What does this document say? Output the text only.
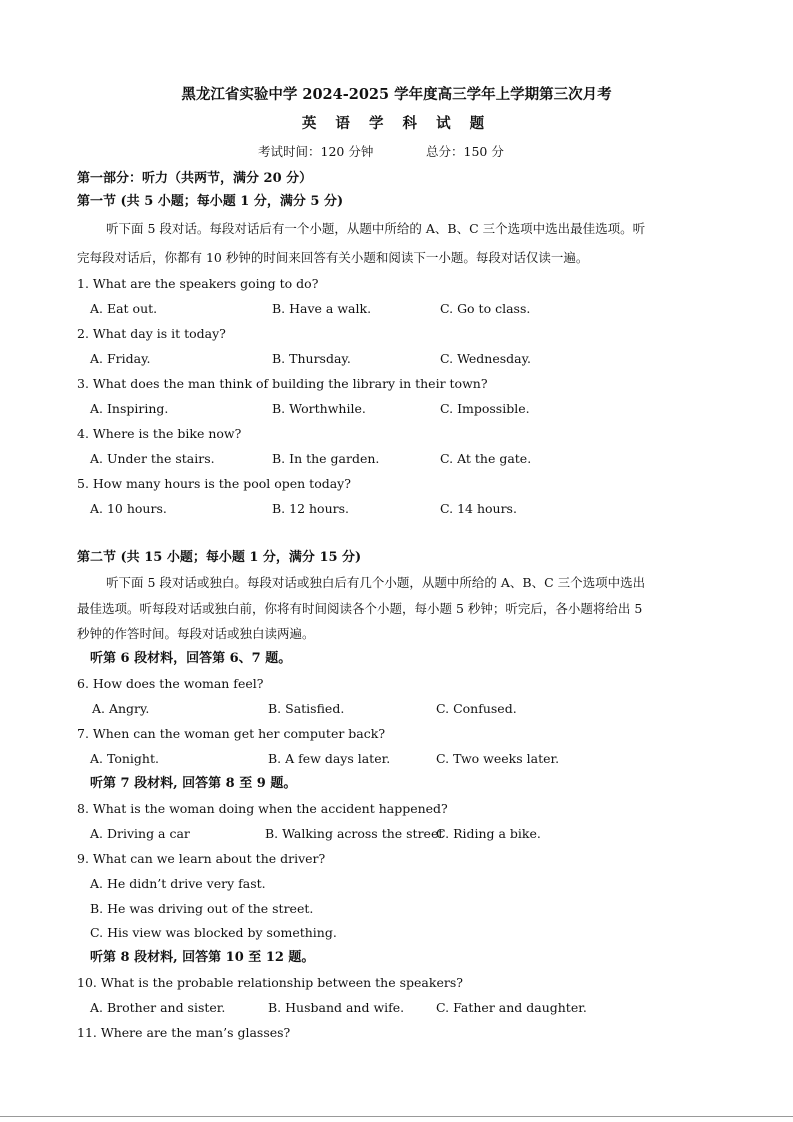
黑龙江省实验中学 2024-2025 学年度高三学年上学期第三次月考
英 语 学 科 试 题
考试时间：120 分钟	总分：150 分
第一部分：听力（共两节，满分 20 分）
第一节 (共 5 小题；每小题 1 分，满分 5 分)
听下面 5 段对话。每段对话后有一个小题，从题中所给的 A、B、C 三个选项中选出最佳选项。听
完每段对话后，你都有 10 秒钟的时间来回答有关小题和阅读下一小题。每段对话仅读一遍。
1. What are the speakers going to do?
A. Eat out.	B. Have a walk.	C. Go to class.
2. What day is it today?
A. Friday.	B. Thursday.	C. Wednesday.
3. What does the man think of building the library in their town?
A. Inspiring.	B. Worthwhile.	C. Impossible.
4. Where is the bike now?
A. Under the stairs.	B. In the garden.	C. At the gate.
5. How many hours is the pool open today?
A. 10 hours.	B. 12 hours.	C. 14 hours.
第二节 (共 15 小题；每小题 1 分，满分 15 分)
听下面 5 段对话或独白。每段对话或独白后有几个小题，从题中所给的 A、B、C 三个选项中选出
最佳选项。听每段对话或独白前，你将有时间阅读各个小题，每小题 5 秒钟；听完后，各小题将给出 5
秒钟的作答时间。每段对话或独白读两遍。
听第 6 段材料，回答第 6、7 题。
6. How does the woman feel?
A. Angry.	B. Satisfied.	C. Confused.
7. When can the woman get her computer back?
A. Tonight.	B. A few days later.	C. Two weeks later.
听第 7 段材料, 回答第 8 至 9 题。
8. What is the woman doing when the accident happened?
A. Driving a car	B. Walking across the street
C. Riding a bike.
9. What can we learn about the driver?
A. He didn’t drive very fast.
B. He was driving out of the street.
C. His view was blocked by something.
听第 8 段材料, 回答第 10 至 12 题。
10. What is the probable relationship between the speakers?
A. Brother and sister.	B. Husband and wife.	C. Father and daughter.
11. Where are the man’s glasses?
